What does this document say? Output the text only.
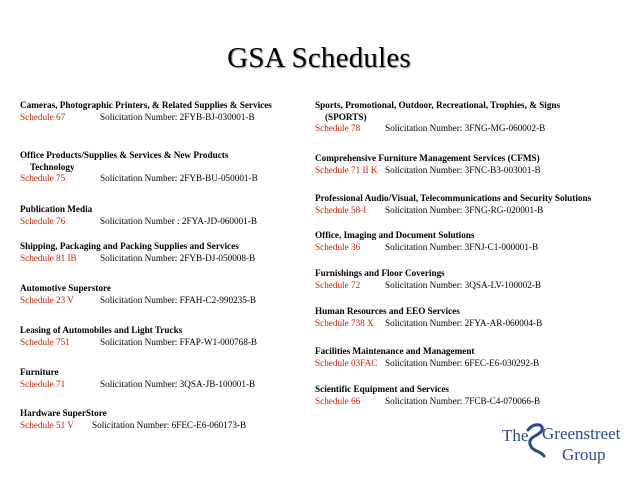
GSA Schedules
Cameras, Photographic Printers, & Related Supplies & Services
Schedule 67	Solicitation Number: 2FYB-BJ-030001-B
Office Products/Supplies & Services & New Products
Technology
Schedule 75	Solicitation Number: 2FYB-BU-050001-B
Publication Media
Schedule 76	Solicitation Number : 2FYA-JD-060001-B
Shipping, Packaging and Packing Supplies and Services
Schedule 81 IB	Solicitation Number: 2FYB-DJ-050008-B
Automotive Superstore
Schedule 23 V	Solicitation Number: FFAH-C2-990235-B
Leasing of Automobiles and Light Trucks
Schedule 751	Solicitation Number: FFAP-W1-000768-B
Furniture
Schedule 71	Solicitation Number: 3QSA-JB-100001-B
Hardware SuperStore
Schedule 51 V Solicitation Number: 6FEC-E6-060173-B
Sports, Promotional, Outdoor, Recreational, Trophies, & Signs
(SPORTS)
Schedule 78	Solicitation Number: 3FNG-MG-060002-B
Comprehensive Furniture Management Services (CFMS)
Schedule 71 II K Solicitation Number: 3FNC-B3-003001-B
Professional Audio/Visual, Telecommunications and Security Solutions
Schedule 58-I Solicitation Number: 3FNG-RG-020001-B
Office, Imaging and Document Solutions
Schedule 36	Solicitation Number: 3FNJ-C1-000001-B
Furnishings and Floor Coverings
Schedule 72	Solicitation Number: 3QSA-LV-100002-B
Human Resources and EEO Services
Schedule 738 X Solicitation Number: 2FYA-AR-060004-B
Facilities Maintenance and Management
Schedule 03FAC Solicitation Number: 6FEC-E6-030292-B
Scientific Equipment and Services
Schedule 66	Solicitation Number: 7FCB-C4-070066-B
The Greenstreet
Group
